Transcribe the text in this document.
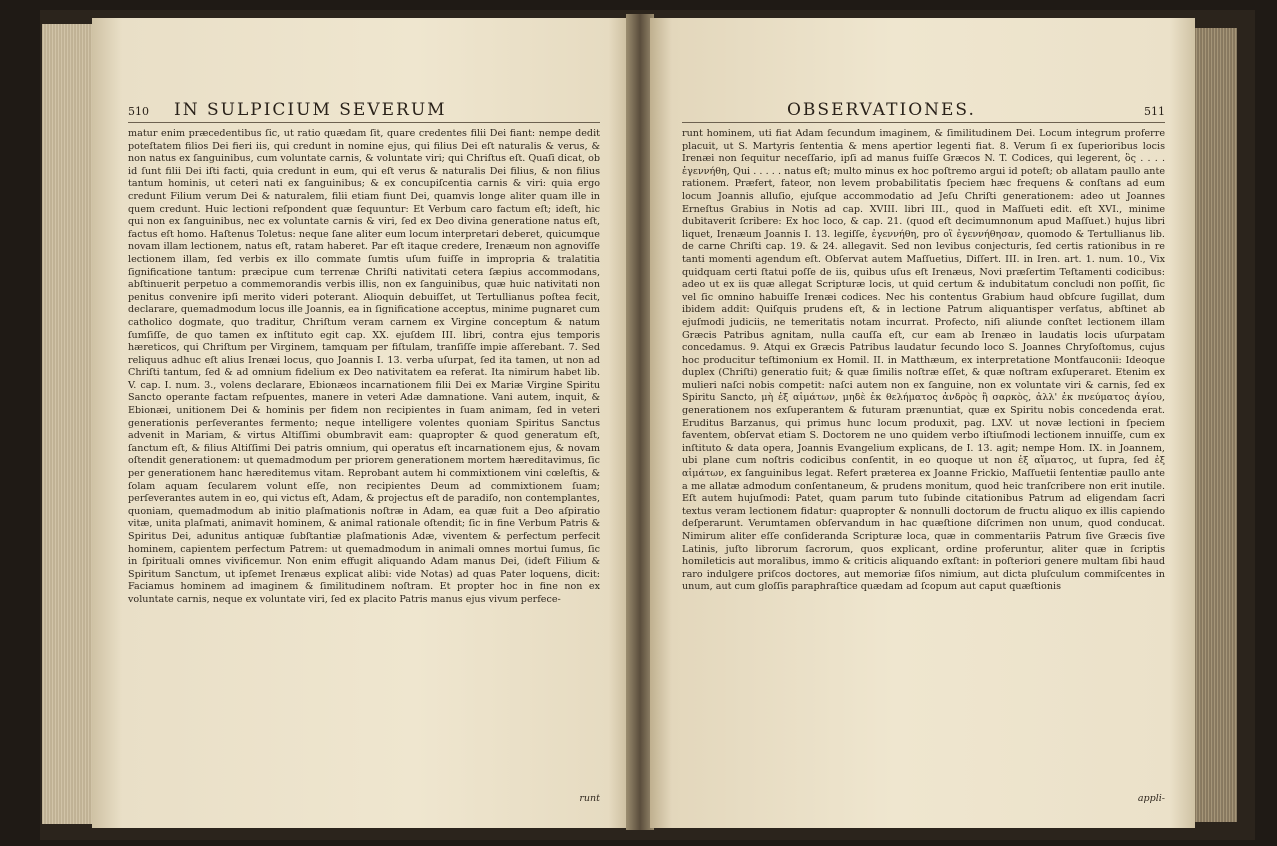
510 IN SULPICIUM SEVERUM

matur enim præcedentibus ſic, ut ratio quædam ſit, quare credentes filii Dei fiant: nempe dedit poteſtatem filios Dei fieri iis, qui credunt in nomine ejus, qui filius Dei eſt naturalis & verus, & non natus ex ſanguinibus, cum voluntate carnis, & voluntate viri; qui Chriſtus eſt. Quaſi dicat, ob id ſunt filii Dei iſti facti, quia credunt in eum, qui eſt verus & naturalis Dei filius, & non filius tantum hominis, ut ceteri nati ex ſanguinibus; & ex concupiſcentia carnis & viri: quia ergo credunt Filium verum Dei & naturalem, filii etiam fiunt Dei, quamvis longe aliter quam ille in quem credunt. Huic lectioni reſpondent quæ ſequuntur: Et Verbum caro factum eſt; ideſt, hic qui non ex ſanguinibus, nec ex voluntate carnis & viri, ſed ex Deo divina generatione natus eſt, factus eſt homo. Haſtenus Toletus: neque ſane aliter eum locum interpretari deberet, quicumque novam illam lectionem, natus eſt, ratam haberet. Par eſt itaque credere, Irenæum non agnoviſſe lectionem illam, ſed verbis ex illo commate ſumtis uſum fuiſſe in impropria & tralatitia ſignificatione tantum: præcipue cum terrenæ Chriſti nativitati cetera ſæpius accommodans, abſtinuerit perpetuo a commemorandis verbis illis, non ex ſanguinibus, quæ huic nativitati non penitus convenire ipſi merito videri poterant. Alioquin debuiſſet, ut Tertullianus poſtea fecit, declarare, quemadmodum locus ille Joannis, ea in ſignificatione acceptus, minime pugnaret cum catholico dogmate, quo traditur, Chriſtum veram carnem ex Virgine conceptum & natum ſumſiſſe, de quo tamen ex inſtituto egit cap. XX. ejuſdem III. libri, contra ejus temporis hæreticos, qui Chriſtum per Virginem, tamquam per fiſtulam, tranſiſſe impie aſſerebant. 7. Sed reliquus adhuc eſt alius Irenæi locus, quo Joannis I. 13. verba uſurpat, ſed ita tamen, ut non ad Chriſti tantum, ſed & ad omnium fidelium ex Deo nativitatem ea referat. Ita nimirum habet lib. V. cap. I. num. 3., volens declarare, Ebionæos incarnationem filii Dei ex Mariæ Virgine Spiritu Sancto operante factam reſpuentes, manere in veteri Adæ damnatione. Vani autem, inquit, & Ebionæi, unitionem Dei & hominis per fidem non recipientes in ſuam animam, ſed in veteri generationis perſeverantes fermento; neque intelligere volentes quoniam Spiritus Sanctus advenit in Mariam, & virtus Altiſſimi obumbravit eam: quapropter & quod generatum eſt, ſanctum eſt, & filius Altiſſimi Dei patris omnium, qui operatus eſt incarnationem ejus, & novam oſtendit generationem: ut quemadmodum per priorem generationem mortem hæreditavimus, ſic per generationem hanc hæreditemus vitam. Reprobant autem hi commixtionem vini cœleſtis, & ſolam aquam ſecularem volunt eſſe, non recipientes Deum ad commixtionem ſuam; perſeverantes autem in eo, qui victus eſt, Adam, & projectus eſt de paradiſo, non contemplantes, quoniam, quemadmodum ab initio plaſmationis noſtræ in Adam, ea quæ fuit a Deo aſpiratio vitæ, unita plaſmati, animavit hominem, & animal rationale oſtendit; ſic in fine Verbum Patris & Spiritus Dei, adunitus antiquæ ſubſtantiæ plaſmationis Adæ, viventem & perfectum perfecit hominem, capientem perfectum Patrem: ut quemadmodum in animali omnes mortui ſumus, ſic in ſpirituali omnes vivificemur. Non enim effugit aliquando Adam manus Dei, (ideſt Filium & Spiritum Sanctum, ut ipſemet Irenæus explicat alibi: vide Notas) ad quas Pater loquens, dicit: Faciamus hominem ad imaginem & ſimilitudinem noſtram. Et propter hoc in fine non ex voluntate carnis, neque ex voluntate viri, ſed ex placito Patris manus ejus vivum perfece-

runt
OBSERVATIONES.	511

runt hominem, uti fiat Adam ſecundum imaginem, & ſimilitudinem Dei. Locum integrum proferre placuit, ut S. Martyris ſententia & mens apertior legenti fiat. 8. Verum ſi ex ſuperioribus locis Irenæi non ſequitur neceſſario, ipſi ad manus fuiſſe Græcos N. T. Codices, qui legerent, ὃς . . . . ἐγεννήθη, Qui . . . . . natus eſt; multo minus ex hoc poſtremo argui id poteſt; ob allatam paullo ante rationem. Præfert, fateor, non levem probabilitatis ſpeciem hæc frequens & conſtans ad eum locum Joannis alluſio, ejuſque accommodatio ad Jeſu Chriſti generationem: adeo ut Joannes Erneſtus Grabius in Notis ad cap. XVIII. libri III., quod in Maſſueti edit. eſt XVI., minime dubitaverit ſcribere: Ex hoc loco, & cap. 21. (quod eſt decimumnonum apud Maſſuet.) hujus libri liquet, Irenæum Joannis I. 13. legiſſe, ἐγεννήθη, pro οἳ ἐγεννήθησαν, quomodo & Tertullianus lib. de carne Chriſti cap. 19. & 24. allegavit. Sed non levibus conjecturis, ſed certis rationibus in re tanti momenti agendum eſt. Obſervat autem Maſſuetius, Diſſert. III. in Iren. art. 1. num. 10., Vix quidquam certi ſtatui poſſe de iis, quibus uſus eſt Irenæus, Novi præſertim Teſtamenti codicibus: adeo ut ex iis quæ allegat Scripturæ locis, ut quid certum & indubitatum concludi non poſſit, ſic vel ſic omnino habuiſſe Irenæi codices. Nec his contentus Grabium haud obſcure ſugillat, dum ibidem addit: Quiſquis prudens eſt, & in lectione Patrum aliquantisper verſatus, abſtinet ab ejuſmodi judiciis, ne temeritatis notam incurrat. Profecto, niſi aliunde conſtet lectionem illam Græcis Patribus agnitam, nulla cauſſa eſt, cur eam ab Irenæo in laudatis locis uſurpatam concedamus. 9. Atqui ex Græcis Patribus laudatur ſecundo loco S. Joannes Chryſoſtomus, cujus hoc producitur teſtimonium ex Homil. II. in Matthæum, ex interpretatione Montfauconii: Ideoque duplex (Chriſti) generatio fuit; & quæ ſimilis noſtræ eſſet, & quæ noſtram exſuperaret. Etenim ex mulieri naſci nobis competit: naſci autem non ex ſanguine, non ex voluntate viri & carnis, ſed ex Spiritu Sancto, μὴ ἐξ αἱμάτων, μηδὲ ἐκ θελήματος ἀνδρὸς ἢ σαρκὸς, ἀλλ' ἐκ πνεύματος ἁγίου, generationem nos exſuperantem & futuram prænuntiat, quæ ex Spiritu nobis concedenda erat. Eruditus Barzanus, qui primus hunc locum produxit, pag. LXV. ut novæ lectioni in ſpeciem faventem, obſervat etiam S. Doctorem ne uno quidem verbo iſtiuſmodi lectionem innuiſſe, cum ex inſtituto & data opera, Joannis Evangelium explicans, de I. 13. agit; nempe Hom. IX. in Joannem, ubi plane cum noſtris codicibus conſentit, in eo quoque ut non ἐξ αἵματος, ut ſupra, ſed ἐξ αἱμάτων, ex ſanguinibus legat. Refert præterea ex Joanne Frickio, Maſſuetii ſententiæ paullo ante a me allatæ admodum conſentaneum, & prudens monitum, quod heic tranſcribere non erit inutile. Eſt autem hujuſmodi: Patet, quam parum tuto ſubinde citationibus Patrum ad eligendam ſacri textus veram lectionem fidatur: quapropter & nonnulli doctorum de fructu aliquo ex illis capiendo deſperarunt. Verumtamen obſervandum in hac quæſtione diſcrimen non unum, quod conducat. Nimirum aliter eſſe conſideranda Scripturæ loca, quæ in commentariis Patrum ſive Græcis ſive Latinis, juſto librorum ſacrorum, quos explicant, ordine proferuntur, aliter quæ in ſcriptis homileticis aut moralibus, immo & criticis aliquando exſtant: in poſteriori genere multam ſibi haud raro indulgere priſcos doctores, aut memoriæ ſiſos nimium, aut dicta pluſculum commiſcentes in unum, aut cum gloſſis paraphraſtice quædam ad ſcopum aut caput quæſtionis

appli-
